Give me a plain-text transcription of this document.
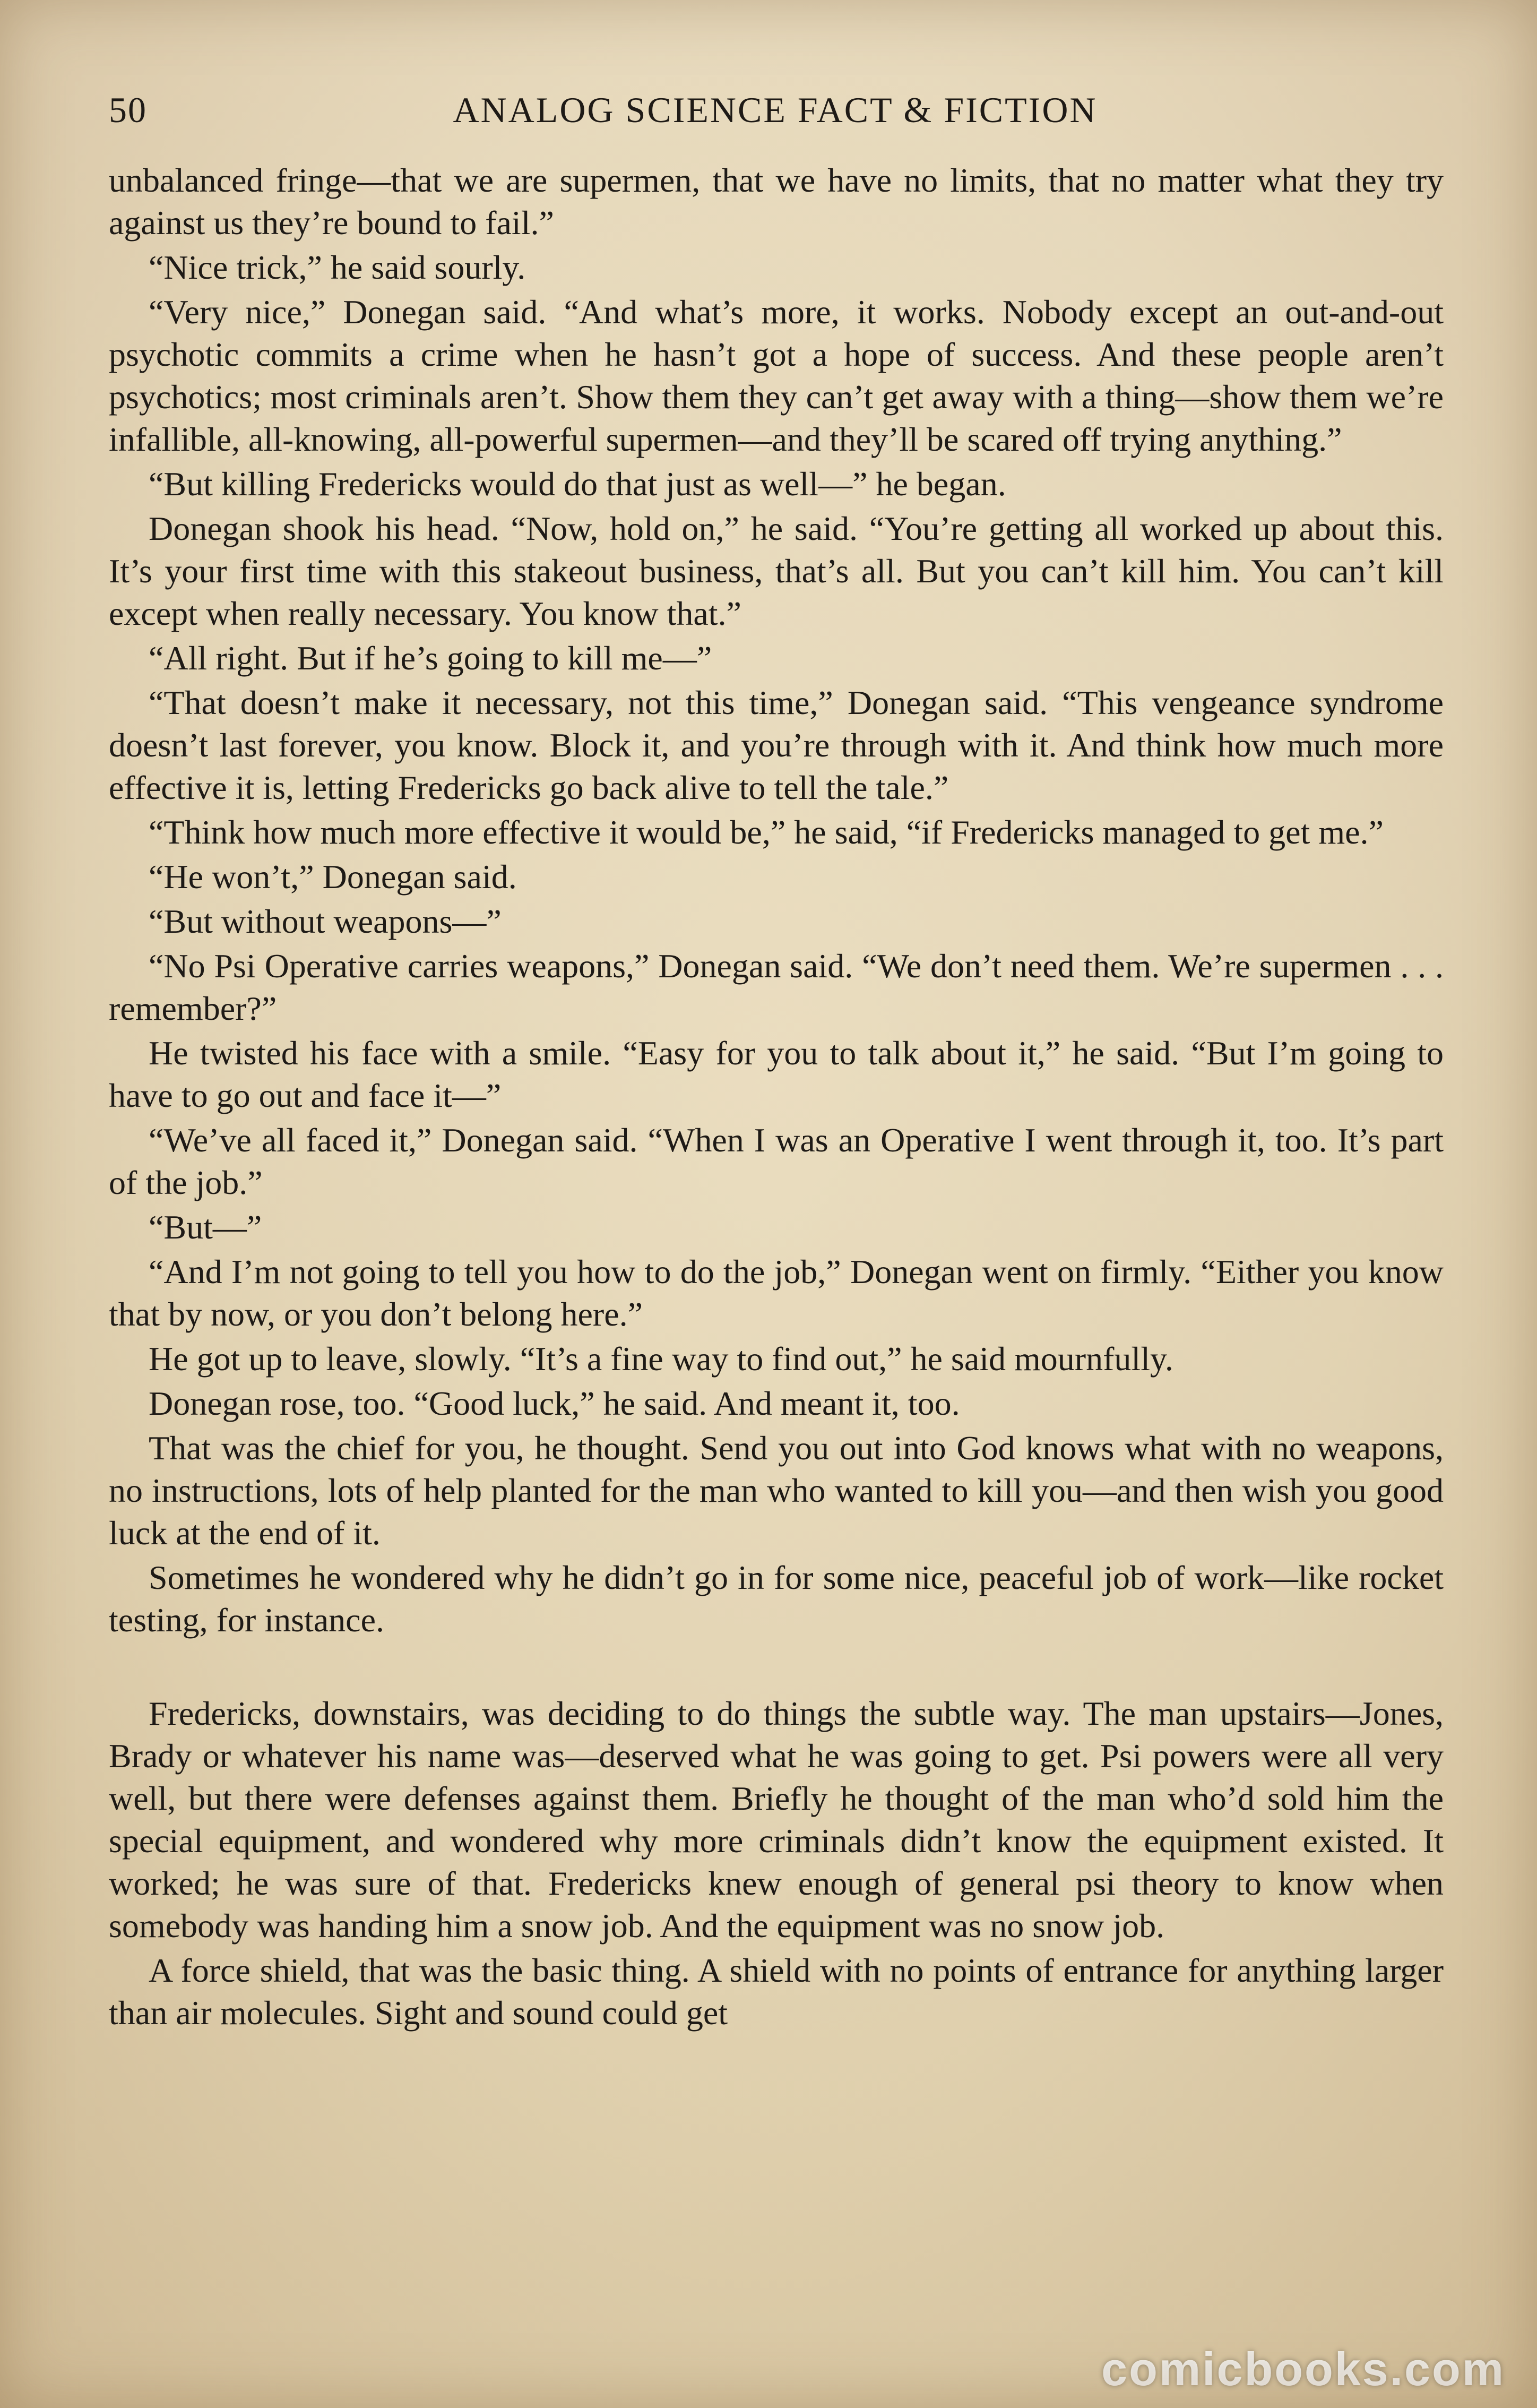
50	ANALOG SCIENCE FACT & FICTION

unbalanced fringe—that we are supermen, that we have no limits, that no matter what they try against us they’re bound to fail.”

“Nice trick,” he said sourly.

“Very nice,” Donegan said. “And what’s more, it works. Nobody except an out-and-out psychotic commits a crime when he hasn’t got a hope of success. And these people aren’t psychotics; most criminals aren’t. Show them they can’t get away with a thing—show them we’re infallible, all-knowing, all-powerful supermen—and they’ll be scared off trying anything.”

“But killing Fredericks would do that just as well—” he began.

Donegan shook his head. “Now, hold on,” he said. “You’re getting all worked up about this. It’s your first time with this stakeout business, that’s all. But you can’t kill him. You can’t kill except when really necessary. You know that.”

“All right. But if he’s going to kill me—”

“That doesn’t make it necessary, not this time,” Donegan said. “This vengeance syndrome doesn’t last forever, you know. Block it, and you’re through with it. And think how much more effective it is, letting Fredericks go back alive to tell the tale.”

“Think how much more effective it would be,” he said, “if Fredericks managed to get me.”

“He won’t,” Donegan said.

“But without weapons—”

“No Psi Operative carries weapons,” Donegan said. “We don’t need them. We’re supermen . . . remember?”

He twisted his face with a smile. “Easy for you to talk about it,” he said. “But I’m going to have to go out and face it—”

“We’ve all faced it,” Donegan said. “When I was an Operative I went through it, too. It’s part of the job.”

“But—”

“And I’m not going to tell you how to do the job,” Donegan went on firmly. “Either you know that by now, or you don’t belong here.”

He got up to leave, slowly. “It’s a fine way to find out,” he said mournfully.

Donegan rose, too. “Good luck,” he said. And meant it, too.

That was the chief for you, he thought. Send you out into God knows what with no weapons, no instructions, lots of help planted for the man who wanted to kill you—and then wish you good luck at the end of it.

Sometimes he wondered why he didn’t go in for some nice, peaceful job of work—like rocket testing, for instance.

Fredericks, downstairs, was deciding to do things the subtle way. The man upstairs—Jones, Brady or whatever his name was—deserved what he was going to get. Psi powers were all very well, but there were defenses against them. Briefly he thought of the man who’d sold him the special equipment, and wondered why more criminals didn’t know the equipment existed. It worked; he was sure of that. Fredericks knew enough of general psi theory to know when somebody was handing him a snow job. And the equipment was no snow job.

A force shield, that was the basic thing. A shield with no points of entrance for anything larger than air molecules. Sight and sound could get

comicbooks.com
